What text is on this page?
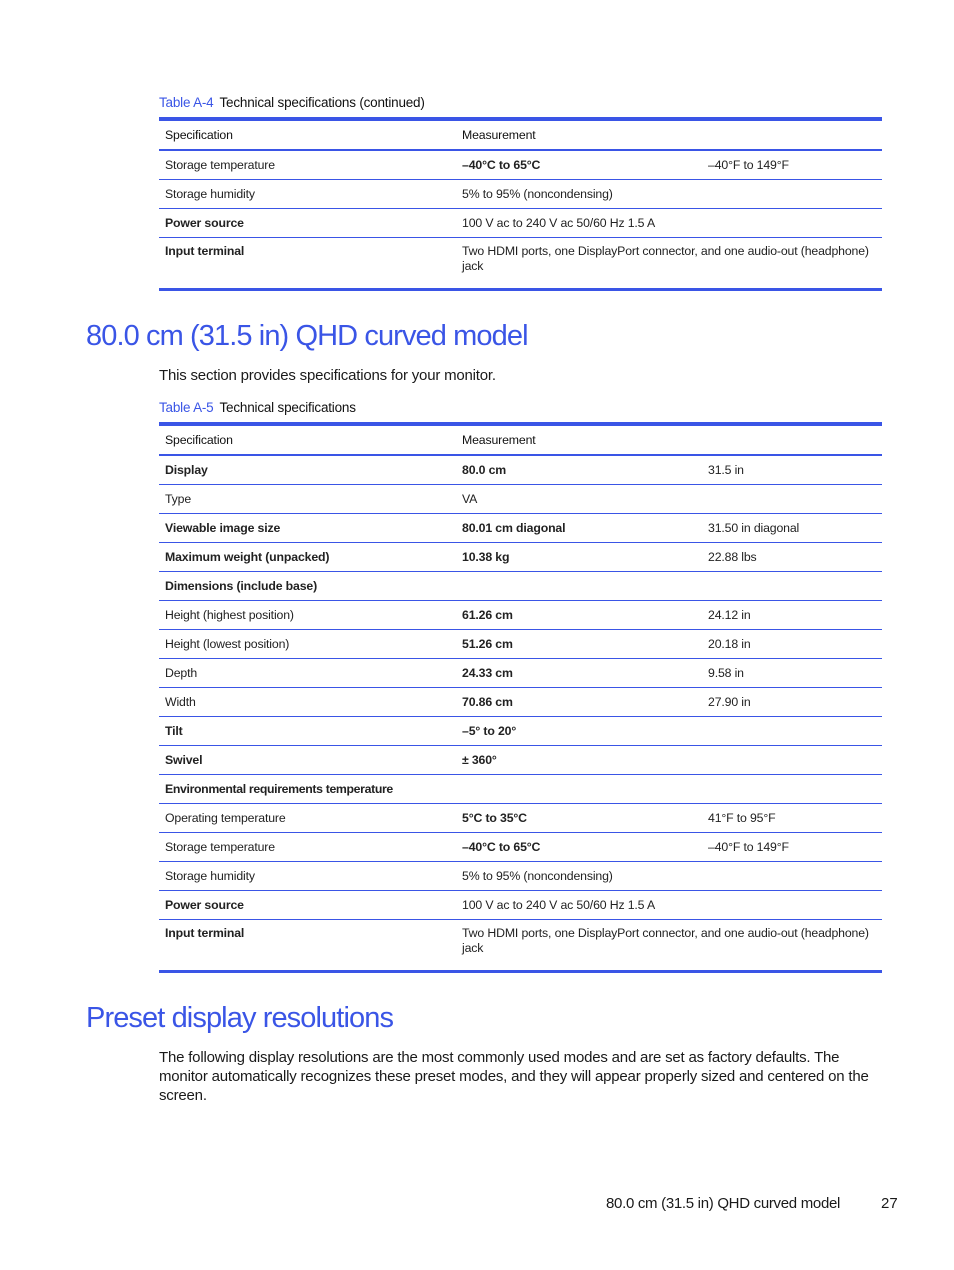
Table A-4 Technical specifications (continued)
Specification	Measurement	
Storage temperature	–40°C to 65°C	–40°F to 149°F
Storage humidity	5% to 95% (noncondensing)	
Power source	100 V ac to 240 V ac 50/60 Hz 1.5 A	
Input terminal	Two HDMI ports, one DisplayPort connector, and one audio-out (headphone) jack	
80.0 cm (31.5 in) QHD curved model

This section provides specifications for your monitor.

Table A-5 Technical specifications
Specification	Measurement	
Display	80.0 cm	31.5 in
Type	VA	
Viewable image size	80.01 cm diagonal	31.50 in diagonal
Maximum weight (unpacked)	10.38 kg	22.88 lbs
Dimensions (include base)		
Height (highest position)	61.26 cm	24.12 in
Height (lowest position)	51.26 cm	20.18 in
Depth	24.33 cm	9.58 in
Width	70.86 cm	27.90 in
Tilt	–5° to 20°	
Swivel	± 360°	
Environmental requirements temperature		
Operating temperature	5°C to 35°C	41°F to 95°F
Storage temperature	–40°C to 65°C	–40°F to 149°F
Storage humidity	5% to 95% (noncondensing)	
Power source	100 V ac to 240 V ac 50/60 Hz 1.5 A	
Input terminal	Two HDMI ports, one DisplayPort connector, and one audio-out (headphone) jack	
Preset display resolutions

The following display resolutions are the most commonly used modes and are set as factory defaults. The monitor automatically recognizes these preset modes, and they will appear properly sized and centered on the screen.

80.0 cm (31.5 in) QHD curved model	27
